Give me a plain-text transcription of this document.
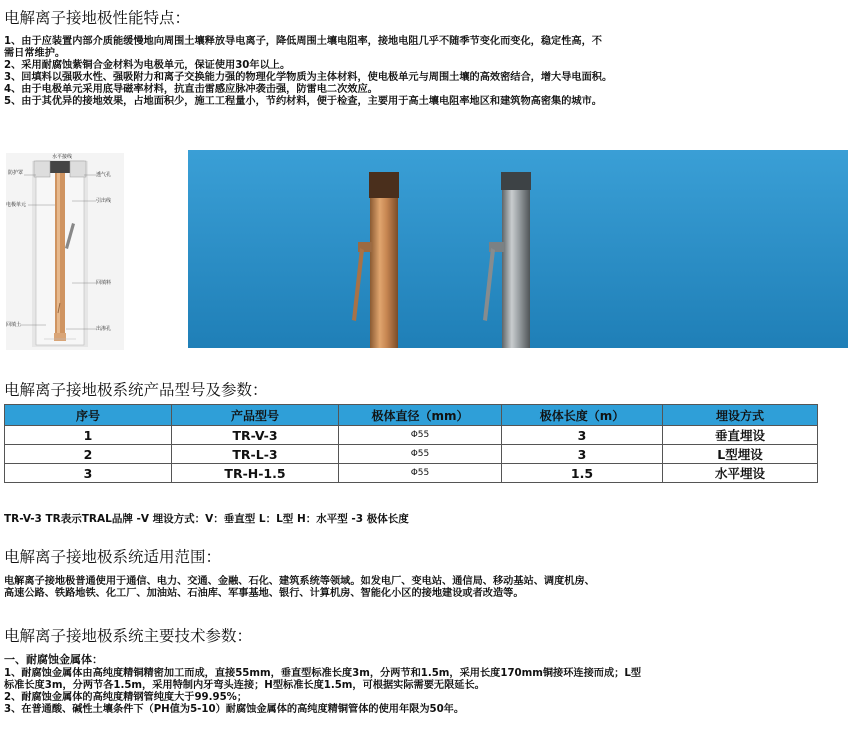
电解离子接地极性能特点：
1、由于应装置内部介质能缓慢地向周围土壤释放导电离子，降低周围土壤电阻率，接地电阻几乎不随季节变化而变化，稳定性高，不
需日常维护。
2、采用耐腐蚀紫铜合金材料为电极单元，保证使用30年以上。
3、回填料以强吸水性、强吸附力和离子交换能力强的物理化学物质为主体材料，使电极单元与周围土壤的高效密结合，增大导电面积。
4、由于电极单元采用底导磁率材料，抗直击雷感应脉冲袭击强，防雷电二次效应。
5、由于其优异的接地效果，占地面积少，施工工程量小，节约材料，便于检查，主要用于高土壤电阻率地区和建筑物高密集的城市。
水平接线
防护罩	透气孔
电极单元
引出线
回填料
回填土
出渗孔
电解离子接地极系统产品型号及参数：
序号	产品型号	极体直径（mm）	极体长度（m）	埋设方式
1	TR-V-3	Φ55	3	垂直埋设
2	TR-L-3	Φ55	3	L型埋设
3	TR-H-1.5	Φ55	1.5	水平埋设
TR-V-3 TR表示TRAL品牌 -V 埋设方式：V：垂直型 L：L型 H：水平型 -3 极体长度
电解离子接地极系统适用范围：
电解离子接地极普通使用于通信、电力、交通、金融、石化、建筑系统等领域。如发电厂、变电站、通信局、移动基站、调度机房、
高速公路、铁路地铁、化工厂、加油站、石油库、军事基地、银行、计算机房、智能化小区的接地建设或者改造等。
电解离子接地极系统主要技术参数：
一、耐腐蚀金属体：
1、耐腐蚀金属体由高纯度精铜精密加工而成，直接55mm，垂直型标准长度3m，分两节和1.5m，采用长度170mm铜接环连接而成；L型
标准长度3m，分两节各1.5m，采用特制内牙弯头连接；H型标准长度1.5m，可根据实际需要无限延长。
2、耐腐蚀金属体的高纯度精钢管纯度大于99.95%；
3、在普通酸、碱性土壤条件下（PH值为5-10）耐腐蚀金属体的高纯度精铜管体的使用年限为50年。
